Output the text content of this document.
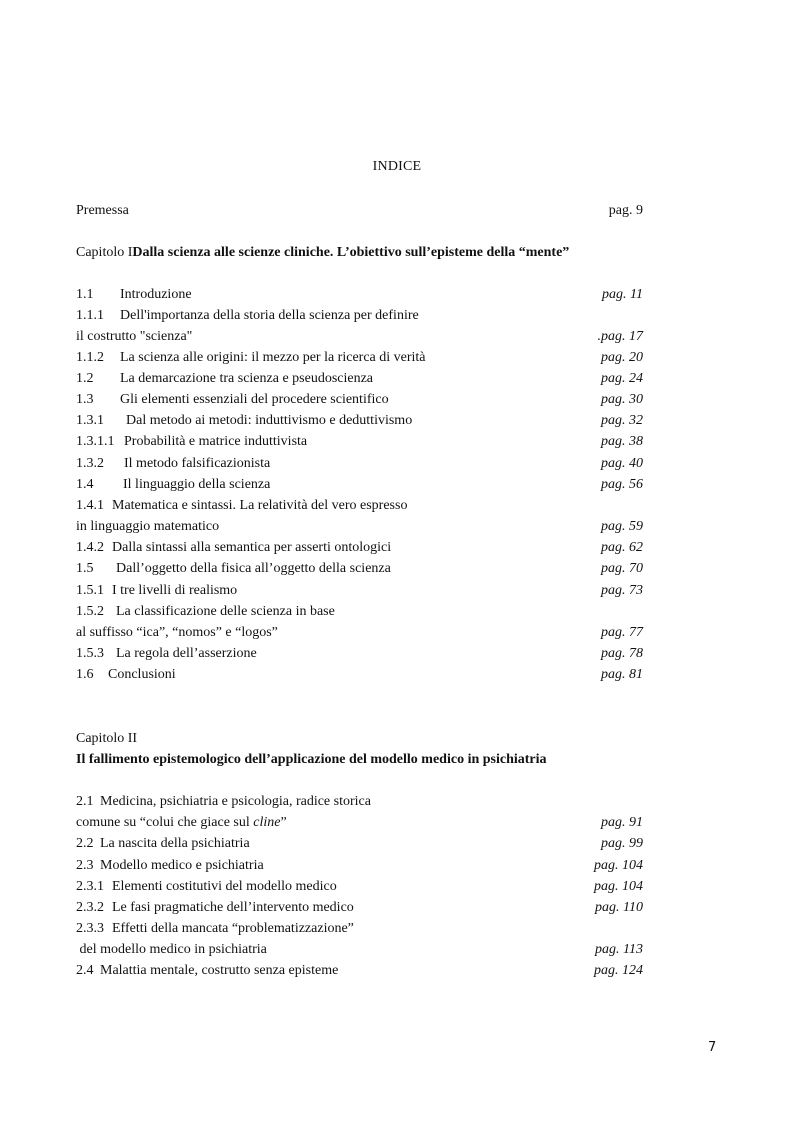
INDICE
Premessa	pag. 9
Capitolo IDalla scienza alle scienze cliniche. L’obiettivo sull’episteme della “mente”
1.1 Introduzione	pag. 11
1.1.1 Dell'importanza della storia della scienza per definire
il costrutto "scienza"	.pag. 17
1.1.2 La scienza alle origini: il mezzo per la ricerca di verità	pag. 20
1.2 La demarcazione tra scienza e pseudoscienza	pag. 24
1.3 Gli elementi essenziali del procedere scientifico	pag. 30
1.3.1 Dal metodo ai metodi: induttivismo e deduttivismo	pag. 32
1.3.1.1 Probabilità e matrice induttivista	pag. 38
1.3.2 Il metodo falsificazionista	pag. 40
1.4 Il linguaggio della scienza	pag. 56
1.4.1 Matematica e sintassi. La relatività del vero espresso
in linguaggio matematico	pag. 59
1.4.2 Dalla sintassi alla semantica per asserti ontologici	pag. 62
1.5 Dall’oggetto della fisica all’oggetto della scienza	pag. 70
1.5.1 I tre livelli di realismo	pag. 73
1.5.2 La classificazione delle scienza in base
al suffisso “ica”, “nomos” e “logos”	pag. 77
1.5.3 La regola dell’asserzione	pag. 78
1.6 Conclusioni	pag. 81
Capitolo II
Il fallimento epistemologico dell’applicazione del modello medico in psichiatria
2.1 Medicina, psichiatria e psicologia, radice storica
comune su “colui che giace sul cline”	pag. 91
2.2 La nascita della psichiatria	pag. 99
2.3 Modello medico e psichiatria	pag. 104
2.3.1 Elementi costitutivi del modello medico	pag. 104
2.3.2 Le fasi pragmatiche dell’intervento medico	pag. 110
2.3.3 Effetti della mancata “problematizzazione”
del modello medico in psichiatria	pag. 113
2.4 Malattia mentale, costrutto senza episteme	pag. 124
7
